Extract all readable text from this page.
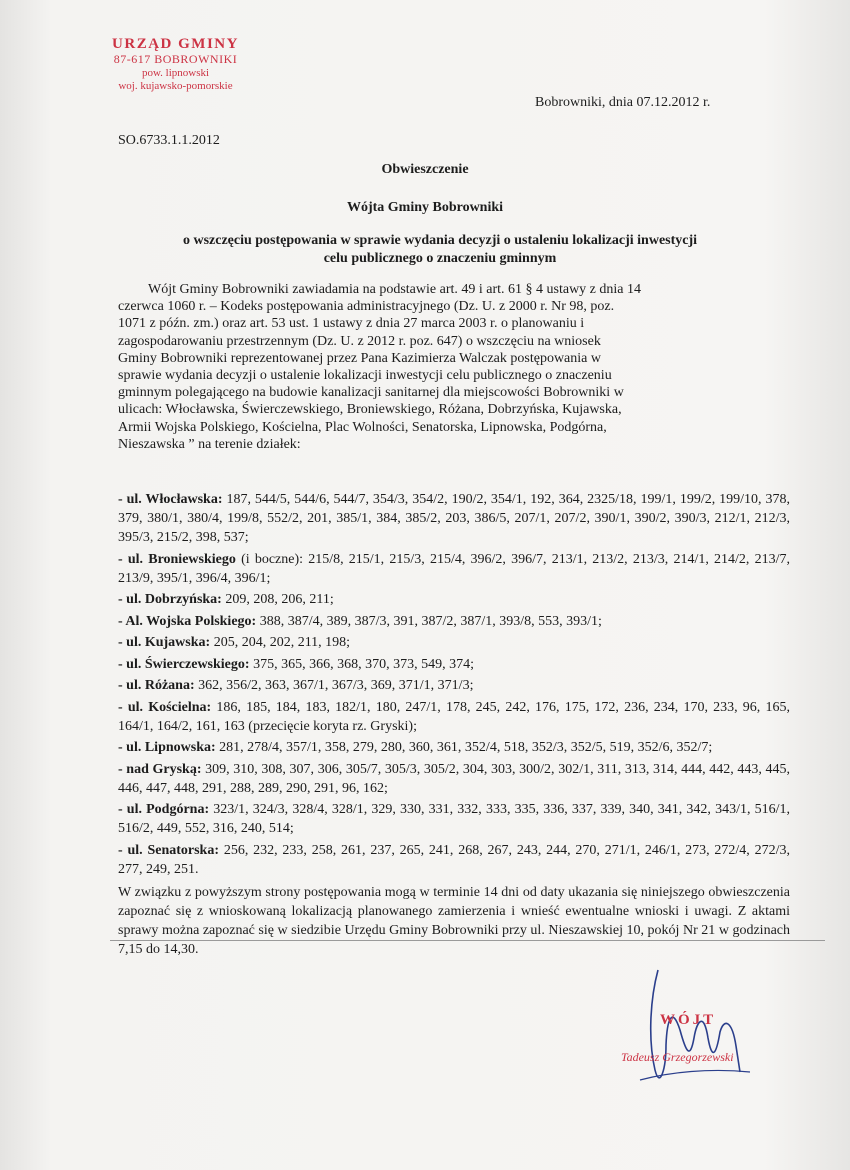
URZĄD GMINY
87-617 BOBROWNIKI
pow. lipnowski
woj. kujawsko-pomorskie
Bobrowniki, dnia 07.12.2012 r.
SO.6733.1.1.2012
Obwieszczenie
Wójta Gminy Bobrowniki
o wszczęciu postępowania w sprawie wydania decyzji o ustaleniu lokalizacji inwestycji
celu publicznego o znaczeniu gminnym
Wójt Gminy Bobrowniki zawiadamia na podstawie art. 49 i art. 61 § 4 ustawy z dnia 14
czerwca 1060 r. – Kodeks postępowania administracyjnego (Dz. U. z 2000 r. Nr 98, poz.
1071 z późn. zm.) oraz art. 53 ust. 1 ustawy z dnia 27 marca 2003 r. o planowaniu i
zagospodarowaniu przestrzennym (Dz. U. z 2012 r. poz. 647) o wszczęciu na wniosek
Gminy Bobrowniki reprezentowanej przez Pana Kazimierza Walczak postępowania w
sprawie wydania decyzji o ustalenie lokalizacji inwestycji celu publicznego o znaczeniu
gminnym polegającego na budowie kanalizacji sanitarnej dla miejscowości Bobrowniki w
ulicach: Włocławska, Świerczewskiego, Broniewskiego, Różana, Dobrzyńska, Kujawska,
Armii Wojska Polskiego, Kościelna, Plac Wolności, Senatorska, Lipnowska, Podgórna,
Nieszawska ” na terenie działek:
- ul. Włocławska: 187, 544/5, 544/6, 544/7, 354/3, 354/2, 190/2, 354/1, 192, 364, 2325/18, 199/1, 199/2, 199/10, 378, 379, 380/1, 380/4, 199/8, 552/2, 201, 385/1, 384, 385/2, 203, 386/5, 207/1, 207/2, 390/1, 390/2, 390/3, 212/1, 212/3, 395/3, 215/2, 398, 537;
- ul. Broniewskiego (i boczne): 215/8, 215/1, 215/3, 215/4, 396/2, 396/7, 213/1, 213/2, 213/3, 214/1, 214/2, 213/7, 213/9, 395/1, 396/4, 396/1;
- ul. Dobrzyńska: 209, 208, 206, 211;
- Al. Wojska Polskiego: 388, 387/4, 389, 387/3, 391, 387/2, 387/1, 393/8, 553, 393/1;
- ul. Kujawska: 205, 204, 202, 211, 198;
- ul. Świerczewskiego: 375, 365, 366, 368, 370, 373, 549, 374;
- ul. Różana: 362, 356/2, 363, 367/1, 367/3, 369, 371/1, 371/3;
- ul. Kościelna: 186, 185, 184, 183, 182/1, 180, 247/1, 178, 245, 242, 176, 175, 172, 236, 234, 170, 233, 96, 165, 164/1, 164/2, 161, 163 (przecięcie koryta rz. Gryski);
- ul. Lipnowska: 281, 278/4, 357/1, 358, 279, 280, 360, 361, 352/4, 518, 352/3, 352/5, 519, 352/6, 352/7;
- nad Gryską: 309, 310, 308, 307, 306, 305/7, 305/3, 305/2, 304, 303, 300/2, 302/1, 311, 313, 314, 444, 442, 443, 445, 446, 447, 448, 291, 288, 289, 290, 291, 96, 162;
- ul. Podgórna: 323/1, 324/3, 328/4, 328/1, 329, 330, 331, 332, 333, 335, 336, 337, 339, 340, 341, 342, 343/1, 516/1, 516/2, 449, 552, 316, 240, 514;
- ul. Senatorska: 256, 232, 233, 258, 261, 237, 265, 241, 268, 267, 243, 244, 270, 271/1, 246/1, 273, 272/4, 272/3, 277, 249, 251.
W związku z powyższym strony postępowania mogą w terminie 14 dni od daty ukazania się niniejszego obwieszczenia zapoznać się z wnioskowaną lokalizacją planowanego zamierzenia i wnieść ewentualne wnioski i uwagi. Z aktami sprawy można zapoznać się w siedzibie Urzędu Gminy Bobrowniki przy ul. Nieszawskiej 10, pokój Nr 21 w godzinach 7,15 do 14,30.
WÓJT
Tadeusz Grzegorzewski
